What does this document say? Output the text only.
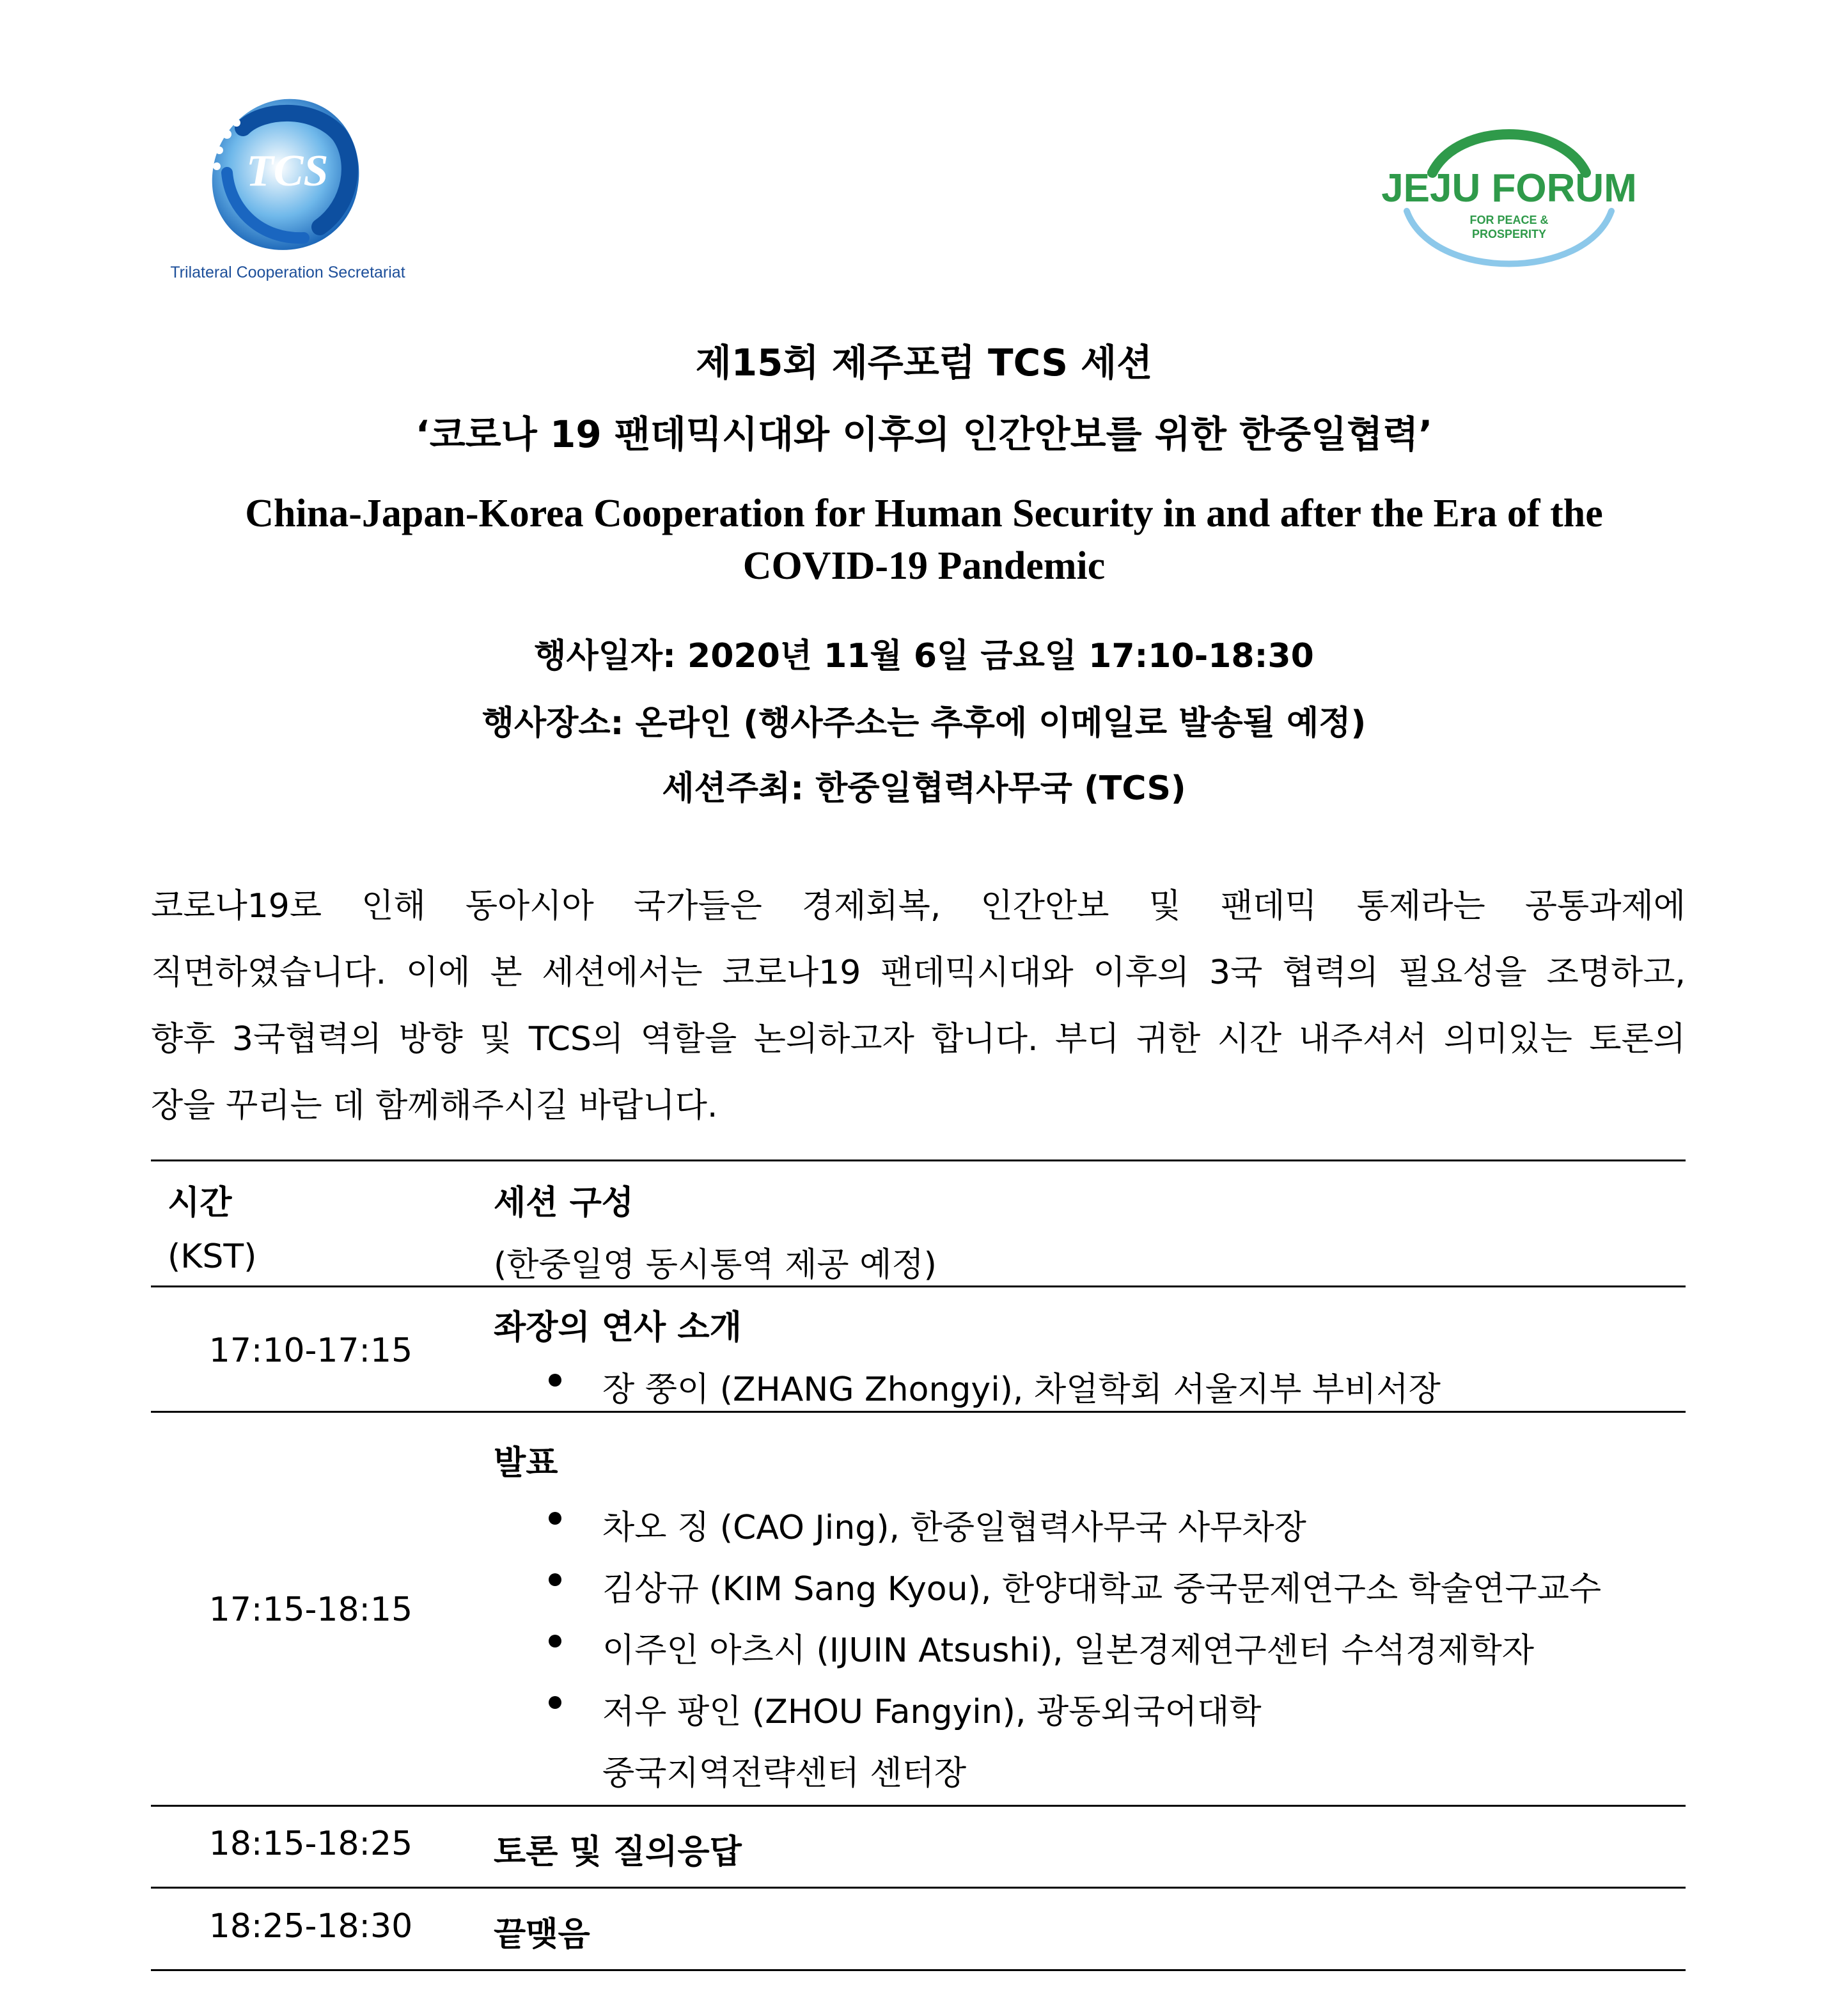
TCS
Trilateral Cooperation Secretariat
JEJU FORUM
FOR PEACE &
PROSPERITY
제15회 제주포럼 TCS 세션
‘코로나 19 팬데믹시대와 이후의 인간안보를 위한 한중일협력’
China-Japan-Korea Cooperation for Human Security in and after the Era of the
COVID-19 Pandemic
행사일자: 2020년 11월 6일 금요일 17:10-18:30
행사장소: 온라인 (행사주소는 추후에 이메일로 발송될 예정)
세션주최: 한중일협력사무국 (TCS)
코로나19로 인해 동아시아 국가들은 경제회복, 인간안보 및 팬데믹 통제라는 공통과제에
직면하였습니다. 이에 본 세션에서는 코로나19 팬데믹시대와 이후의 3국 협력의 필요성을 조명하고,
향후 3국협력의 방향 및 TCS의 역할을 논의하고자 합니다. 부디 귀한 시간 내주셔서 의미있는 토론의
장을 꾸리는 데 함께해주시길 바랍니다.
시간
(KST)
세션 구성
(한중일영 동시통역 제공 예정)
17:10-17:15
좌장의 연사 소개
장 쭝이 (ZHANG Zhongyi), 차얼학회 서울지부 부비서장
17:15-18:15
발표
차오 징 (CAO Jing), 한중일협력사무국 사무차장
김상규 (KIM Sang Kyou), 한양대학교 중국문제연구소 학술연구교수
이주인 아츠시 (IJUIN Atsushi), 일본경제연구센터 수석경제학자
저우 팡인 (ZHOU Fangyin), 광동외국어대학
중국지역전략센터 센터장
18:15-18:25	토론 및 질의응답
18:25-18:30	끝맺음
